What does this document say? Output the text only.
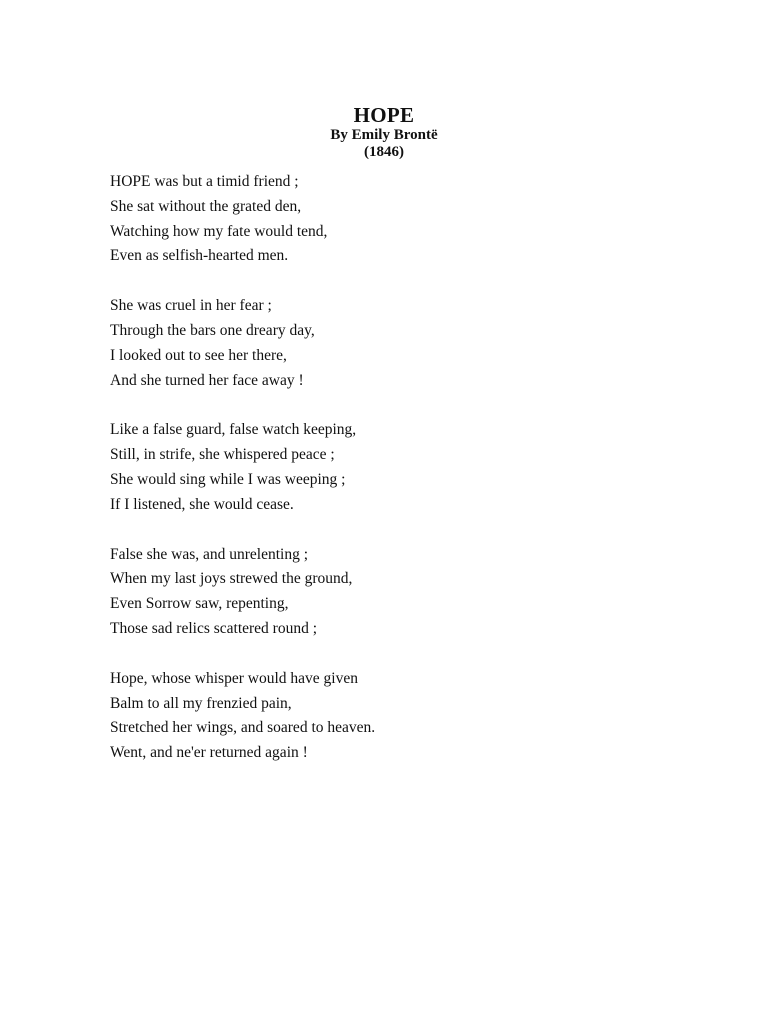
HOPE
By Emily Brontë
(1846)
HOPE was but a timid friend ;
She sat without the grated den,
Watching how my fate would tend,
Even as selfish-hearted men.
She was cruel in her fear ;
Through the bars one dreary day,
I looked out to see her there,
And she turned her face away !
Like a false guard, false watch keeping,
Still, in strife, she whispered peace ;
She would sing while I was weeping ;
If I listened, she would cease.
False she was, and unrelenting ;
When my last joys strewed the ground,
Even Sorrow saw, repenting,
Those sad relics scattered round ;
Hope, whose whisper would have given
Balm to all my frenzied pain,
Stretched her wings, and soared to heaven.
Went, and ne'er returned again !
